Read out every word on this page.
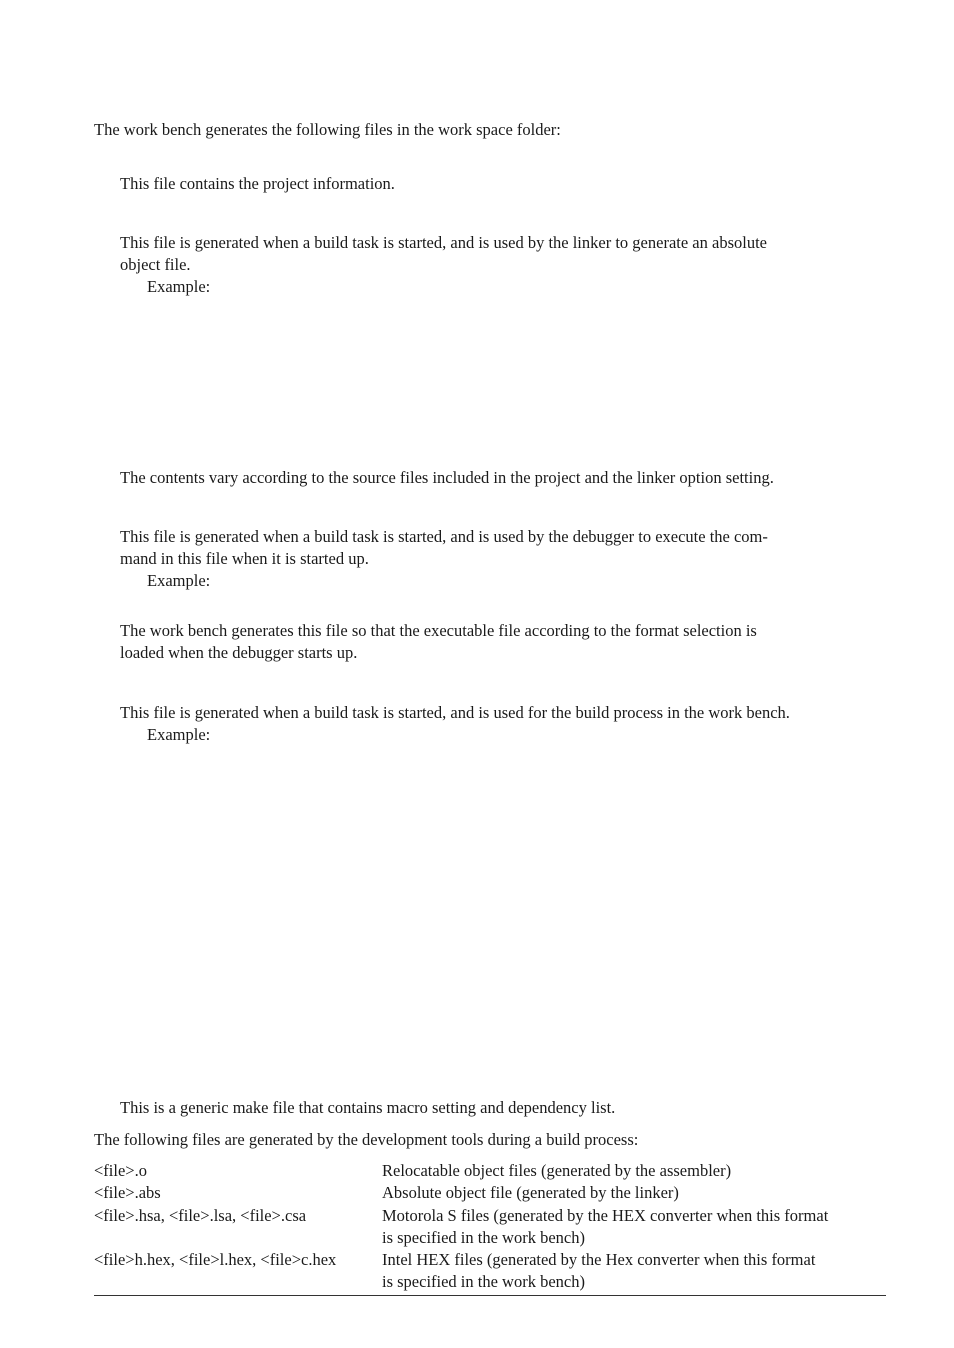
The work bench generates the following files in the work space folder:
This file contains the project information.
This file is generated when a build task is started, and is used by the linker to generate an absolute
object file.
Example:
The contents vary according to the source files included in the project and the linker option setting.
This file is generated when a build task is started, and is used by the debugger to execute the com-
mand in this file when it is started up.
Example:
The work bench generates this file so that the executable file according to the format selection is
loaded when the debugger starts up.
This file is generated when a build task is started, and is used for the build process in the work bench.
Example:
This is a generic make file that contains macro setting and dependency list.
The following files are generated by the development tools during a build process:
<file>.o	Relocatable object files (generated by the assembler)
<file>.abs	Absolute object file (generated by the linker)
<file>.hsa, <file>.lsa, <file>.csa	Motorola S files (generated by the HEX converter when this format
is specified in the work bench)
<file>h.hex, <file>l.hex, <file>c.hex	Intel HEX files (generated by the Hex converter when this format
is specified in the work bench)
